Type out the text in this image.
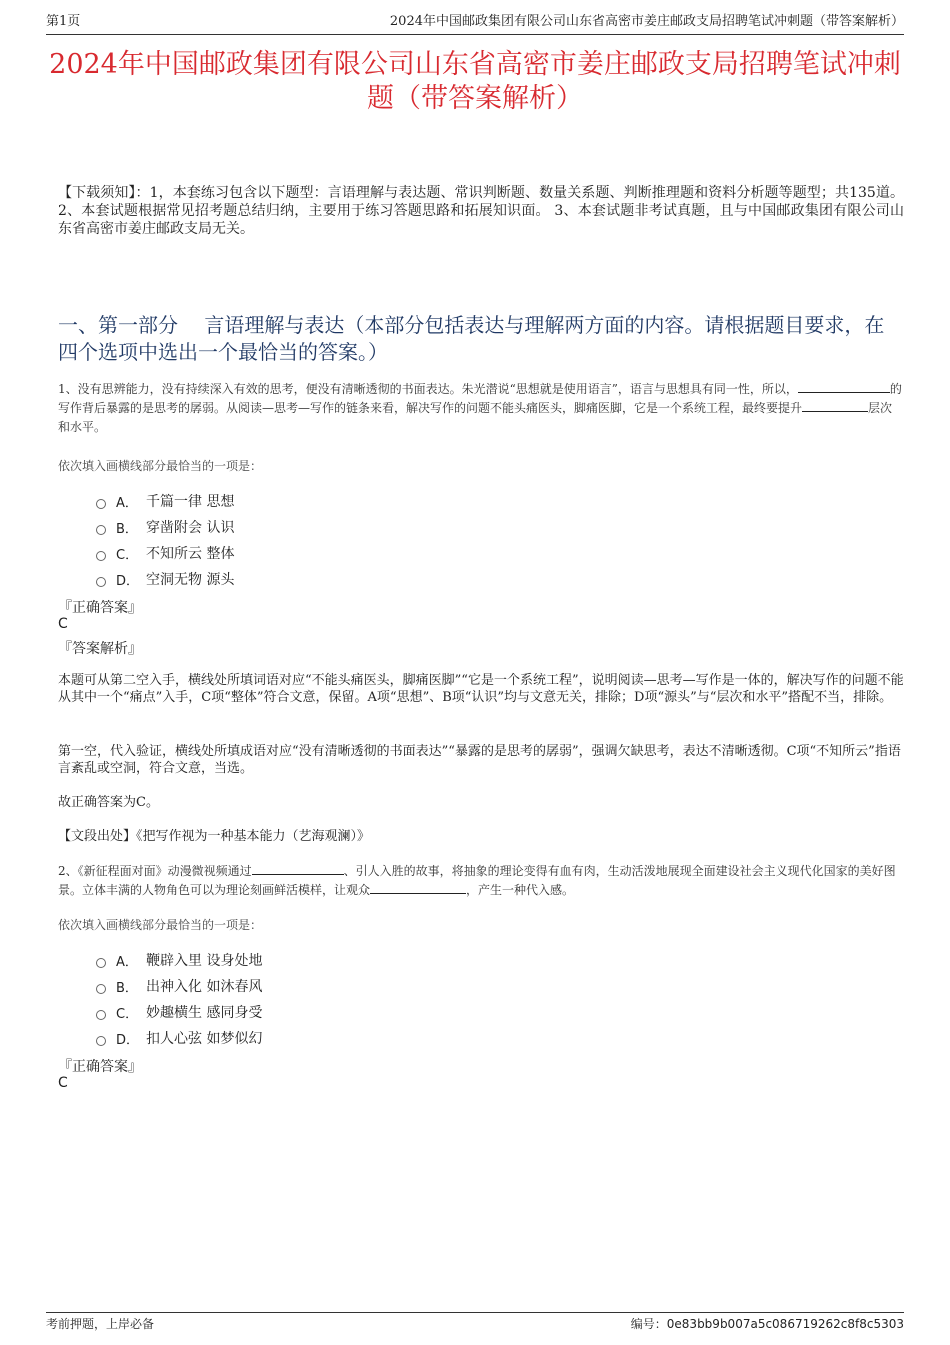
第1页	2024年中国邮政集团有限公司山东省高密市姜庄邮政支局招聘笔试冲刺题（带答案解析）
2024年中国邮政集团有限公司山东省高密市姜庄邮政支局招聘笔试冲刺题（带答案解析）
【下载须知】：1，本套练习包含以下题型：言语理解与表达题、常识判断题、数量关系题、判断推理题和资料分析题等题型；共135道。 2、本套试题根据常见招考题总结归纳，主要用于练习答题思路和拓展知识面。 3、本套试题非考试真题，且与中国邮政集团有限公司山东省高密市姜庄邮政支局无关。
一、第一部分　 言语理解与表达（本部分包括表达与理解两方面的内容。请根据题目要求，在四个选项中选出一个最恰当的答案。）
1、没有思辨能力，没有持续深入有效的思考，便没有清晰透彻的书面表达。朱光潜说“思想就是使用语言”，语言与思想具有同一性，所以，	的写作背后暴露的是思考的孱弱。从阅读—思考—写作的链条来看，解决写作的问题不能头痛医头，脚痛医脚，它是一个系统工程，最终要提升	层次和水平。
依次填入画横线部分最恰当的一项是：
A． 千篇一律 思想
B． 穿凿附会 认识
C． 不知所云 整体
D． 空洞无物 源头
『正确答案』
C
『答案解析』
本题可从第二空入手，横线处所填词语对应“不能头痛医头，脚痛医脚”“它是一个系统工程”，说明阅读—思考—写作是一体的，解决写作的问题不能从其中一个“痛点”入手，C项“整体”符合文意，保留。A项“思想”、B项“认识”均与文意无关，排除；D项“源头”与“层次和水平”搭配不当，排除。
第一空，代入验证，横线处所填成语对应“没有清晰透彻的书面表达”“暴露的是思考的孱弱”，强调欠缺思考，表达不清晰透彻。C项“不知所云”指语言紊乱或空洞，符合文意，当选。
故正确答案为C。
【文段出处】《把写作视为一种基本能力（艺海观澜）》
2、《新征程面对面》动漫微视频通过	、引人入胜的故事，将抽象的理论变得有血有肉，生动活泼地展现全面建设社会主义现代化国家的美好图景。立体丰满的人物角色可以为理论刻画鲜活模样，让观众	，产生一种代入感。
依次填入画横线部分最恰当的一项是：
A． 鞭辟入里 设身处地
B． 出神入化 如沐春风
C． 妙趣横生 感同身受
D． 扣人心弦 如梦似幻
『正确答案』
C
考前押题，上岸必备	编号：0e83bb9b007a5c086719262c8f8c5303
